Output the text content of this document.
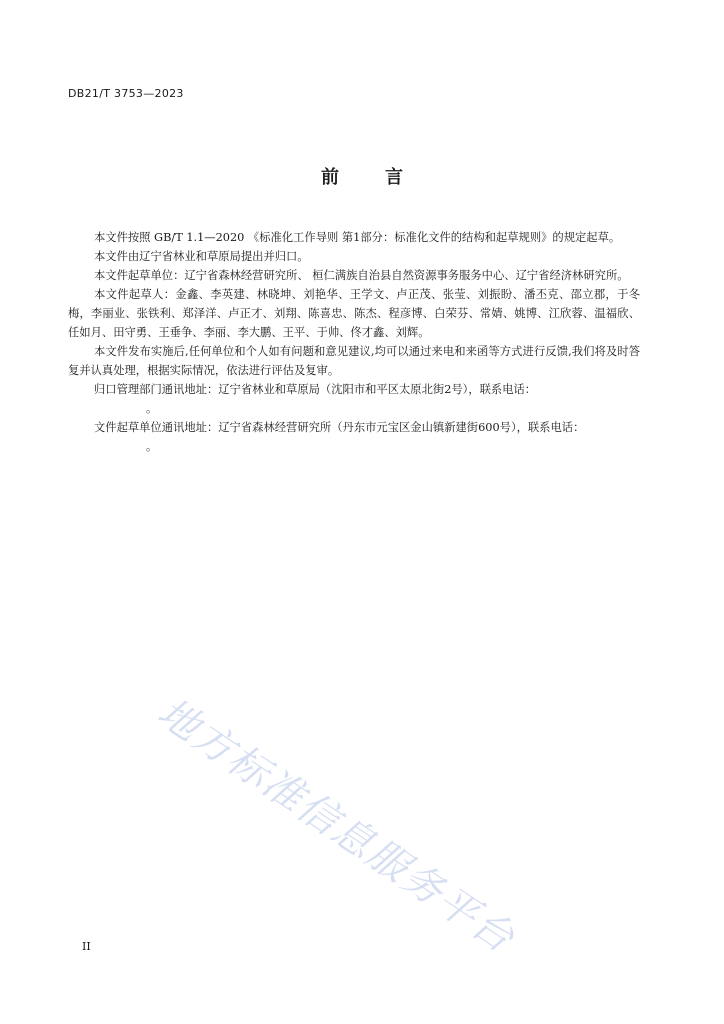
DB21/T 3753—2023
前	言

本文件按照 GB/T 1.1—2020 《标准化工作导则 第1部分：标准化文件的结构和起草规则》的规定起草。

本文件由辽宁省林业和草原局提出并归口。

本文件起草单位：辽宁省森林经营研究所、 桓仁满族自治县自然资源事务服务中心、辽宁省经济林研究所。

本文件起草人：金鑫、李英建、林晓坤、刘艳华、王学文、卢正茂、张莹、刘振盼、潘丕克、邵立郡，于冬梅，李丽业、张铁利、郑泽洋、卢正才、刘翔、陈喜忠、陈杰、程彦博、白荣芬、常婧、姚博、江欣蓉、温福欣、任如月、田守勇、王垂争、李丽、李大鹏、王平、于帅、佟才鑫、刘辉。

本文件发布实施后,任何单位和个人如有问题和意见建议,均可以通过来电和来函等方式进行反馈,我们将及时答复并认真处理，根据实际情况，依法进行评估及复审。

归口管理部门通讯地址：辽宁省林业和草原局（沈阳市和平区太原北街2号），联系电话：
。
文件起草单位通讯地址：辽宁省森林经营研究所（丹东市元宝区金山镇新建街600号），联系电话：
。
地方标准信息服务平台
II
